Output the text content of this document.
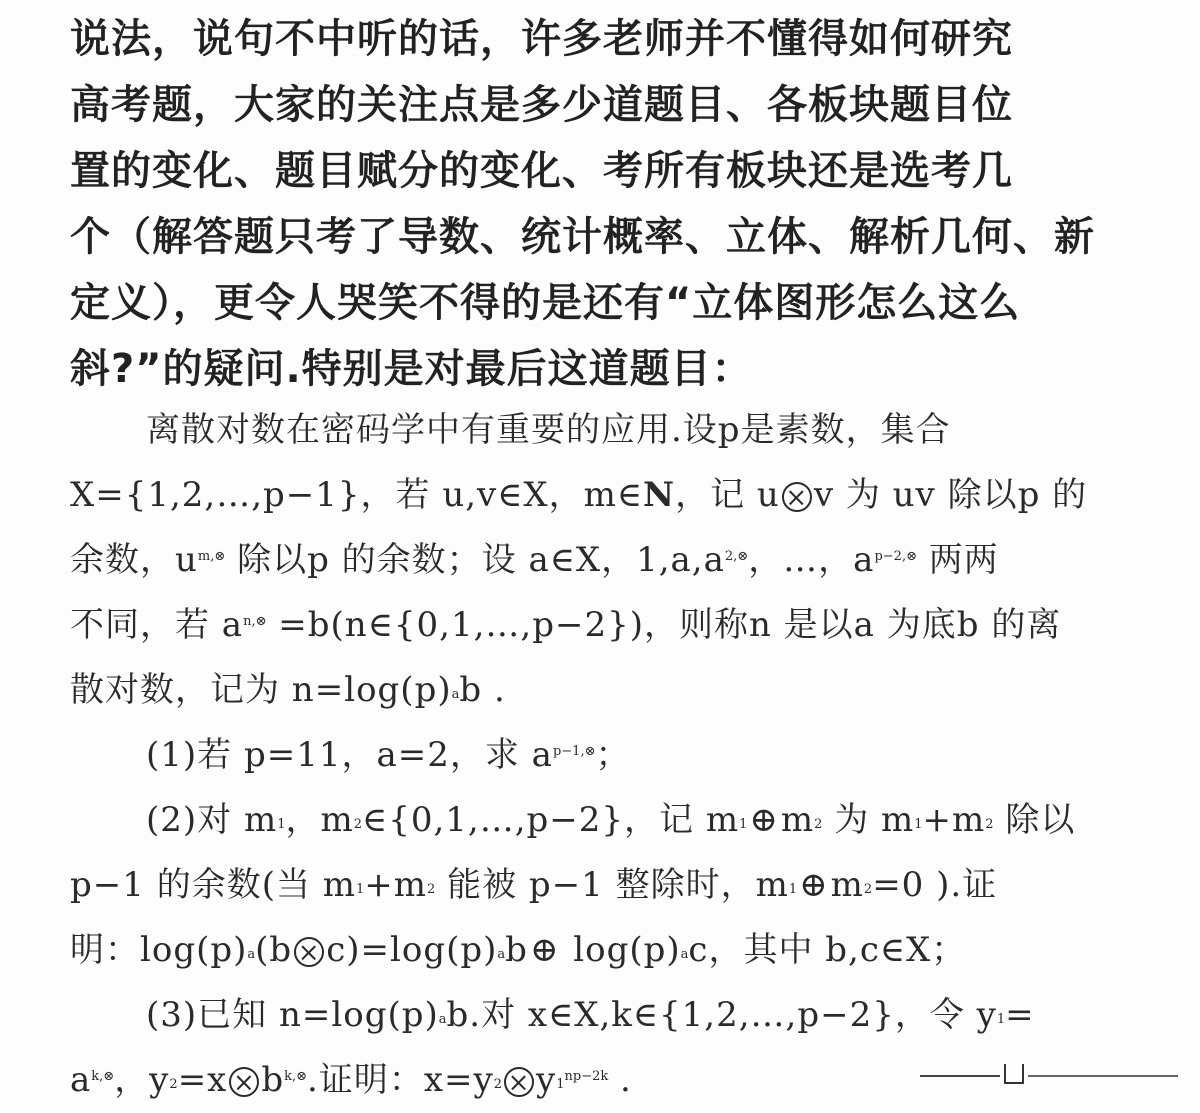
说法，说句不中听的话，许多老师并不懂得如何研究
高考题，大家的关注点是多少道题目、各板块题目位
置的变化、题目赋分的变化、考所有板块还是选考几
个（解答题只考了导数、统计概率、立体、解析几何、新
定义），更令人哭笑不得的是还有“立体图形怎么这么
斜?”的疑问.特别是对最后这道题目：
离散对数在密码学中有重要的应用.设p是素数，集合
X={1,2,…,p−1}，若 u,v∈X，m∈N，记 u × v 为 uv 除以p 的
余数，$u^{m,\otimes}$ 除以p 的余数；设 a∈X，$1,a,a^{2,\otimes}$，…，$a^{p-2,\otimes}$ 两两
不同，若 $a^{n,\otimes}$ =b(n∈{0,1,…,p−2})，则称n 是以a 为底b 的离
散对数，记为 $n=\log(p)_ab$ .
(1)若 p=11，a=2，求 $a^{p-1,\otimes}$；
(2)对 $m_1$，$m_2\in\{0,1,\dots,p-2\}$，记 $m_1\oplus m_2$ 为 $m_1+m_2$ 除以
p−1 的余数(当 $m_1+m_2$ 能被 p−1 整除时，$m_1\oplus m_2=0$ ).证
明：$\log(p)_a(b$ × $c)=\log(p)_ab\oplus$ $\log(p)_ac$，其中 b,c∈X；
(3)已知 $n=\log(p)_ab$.对 x∈X,k∈{1,2,…,p−2}，令 $y_1=$
$a^{k,\otimes}$，$y_2=x \times b^{k,\otimes}$.证明：$x=y_2 \times y_1^{np-2k}$ .
